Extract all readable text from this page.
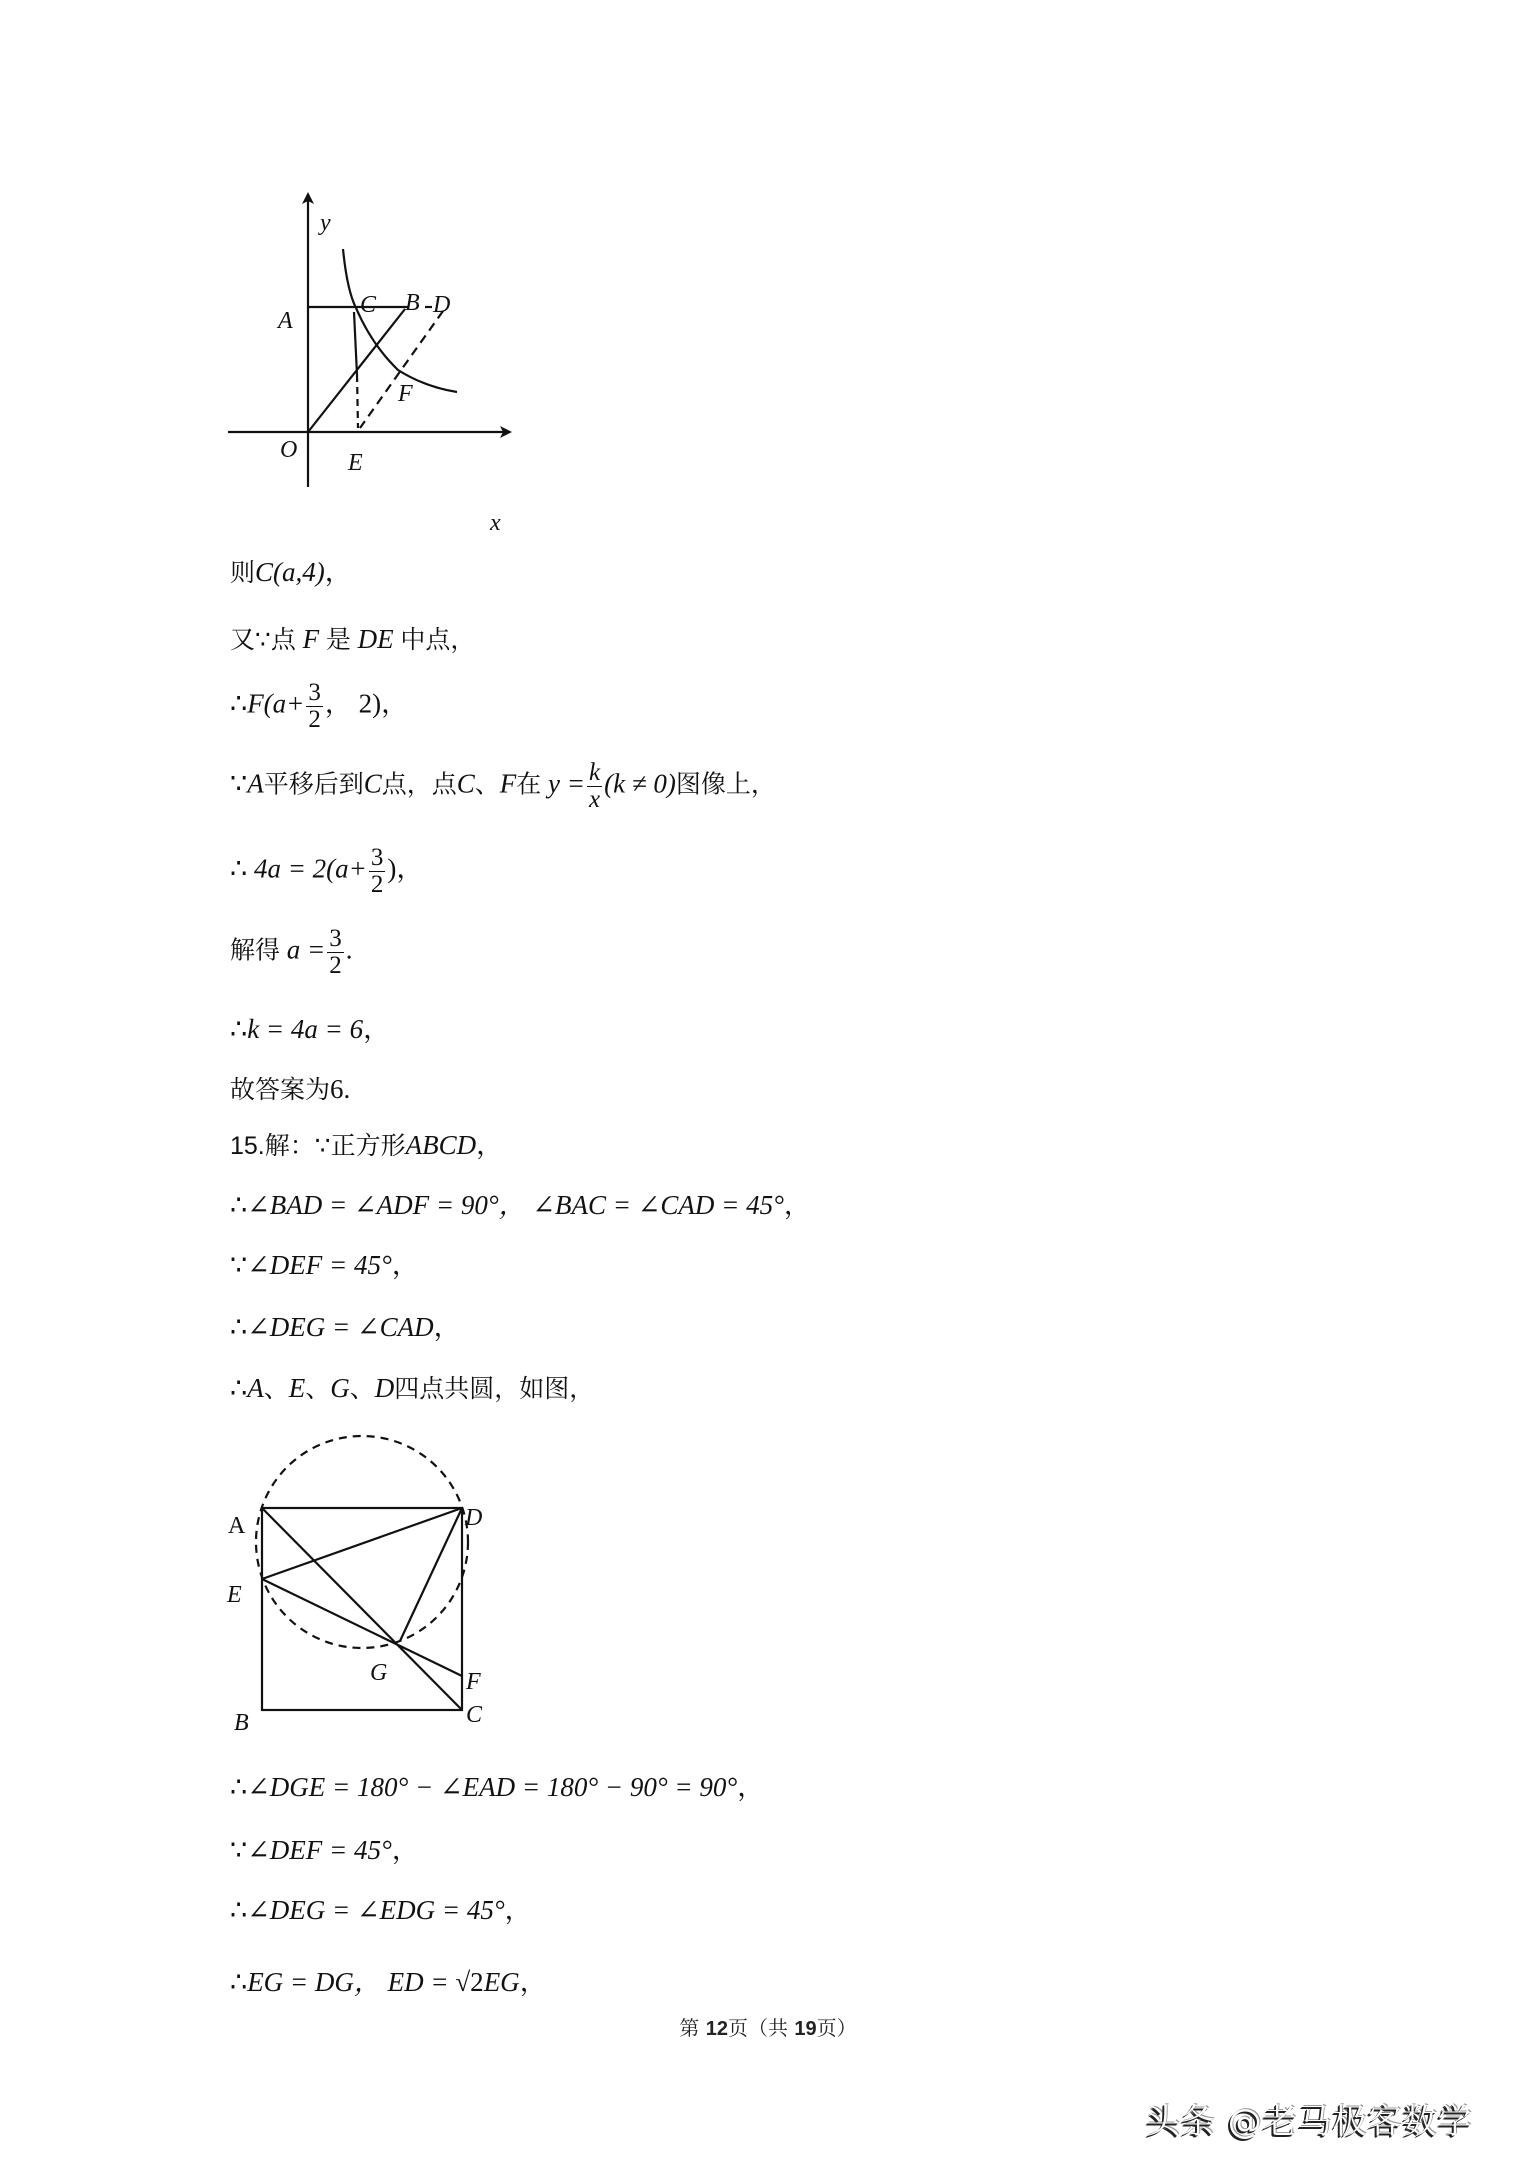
y
A
C B D
F
O E
x
则C(a,4)，
又∵点 F 是 DE 中点，
∴F(a+ $\frac{3}{2}$ ， 2)，
∵A平移后到C点，点C、F在 $y = \frac{k}{x} (k \ne 0)$图像上，
∴ $4a = 2(a+ \frac{3}{2}$ )，
解得 $a = \frac{3}{2}$ .
∴k = 4a = 6，
故答案为6.
15.解：∵正方形ABCD，
∴∠BAD = ∠ADF = 90°， ∠BAC = ∠CAD = 45°，
∵∠DEF = 45°，
∴∠DEG = ∠CAD，
∴A、E、G、D四点共圆，如图，
A	D
E
G	F
B	C
∴∠DGE = 180° − ∠EAD = 180° − 90° = 90°，
∵∠DEF = 45°，
∴∠DEG = ∠EDG = 45°，
∴EG = DG， ED = √2EG，
第 12页（共 19页）
头条 @老马极客数学
